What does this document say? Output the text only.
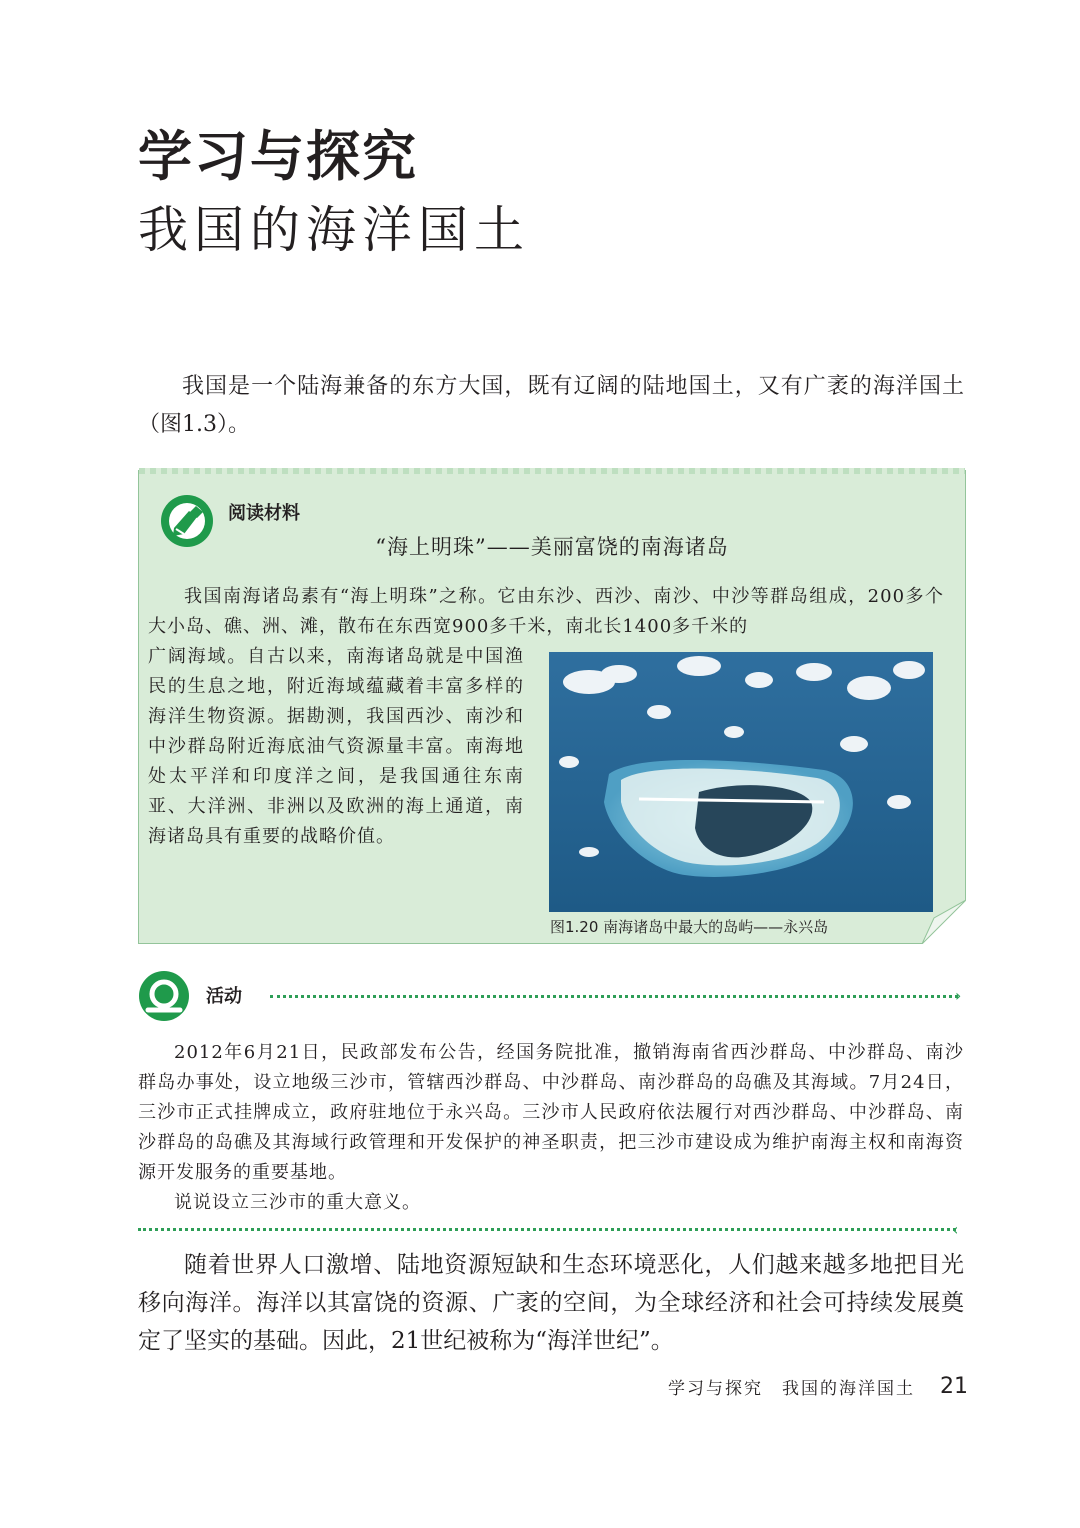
学习与探究
我国的海洋国土

我国是一个陆海兼备的东方大国，既有辽阔的陆地国土，又有广袤的海洋国土（图1.3）。

阅读材料
“海上明珠”——美丽富饶的南海诸岛

我国南海诸岛素有“海上明珠”之称。它由东沙、西沙、南沙、中沙等群岛组成，200多个大小岛、礁、洲、滩，散布在东西宽900多千米，南北长1400多千米的

广阔海域。自古以来，南海诸岛就是中国渔民的生息之地，附近海域蕴藏着丰富多样的海洋生物资源。据勘测，我国西沙、南沙和中沙群岛附近海底油气资源量丰富。南海地处太平洋和印度洋之间，是我国通往东南亚、大洋洲、非洲以及欧洲的海上通道，南海诸岛具有重要的战略价值。

图1.20 南海诸岛中最大的岛屿——永兴岛
活动	›

2012年6月21日，民政部发布公告，经国务院批准，撤销海南省西沙群岛、中沙群岛、南沙群岛办事处，设立地级三沙市，管辖西沙群岛、中沙群岛、南沙群岛的岛礁及其海域。7月24日，三沙市正式挂牌成立，政府驻地位于永兴岛。三沙市人民政府依法履行对西沙群岛、中沙群岛、南沙群岛的岛礁及其海域行政管理和开发保护的神圣职责，把三沙市建设成为维护南海主权和南海资源开发服务的重要基地。

说说设立三沙市的重大意义。

‹

随着世界人口激增、陆地资源短缺和生态环境恶化，人们越来越多地把目光移向海洋。海洋以其富饶的资源、广袤的空间，为全球经济和社会可持续发展奠定了坚实的基础。因此，21世纪被称为“海洋世纪”。

学习与探究　我国的海洋国土 21
